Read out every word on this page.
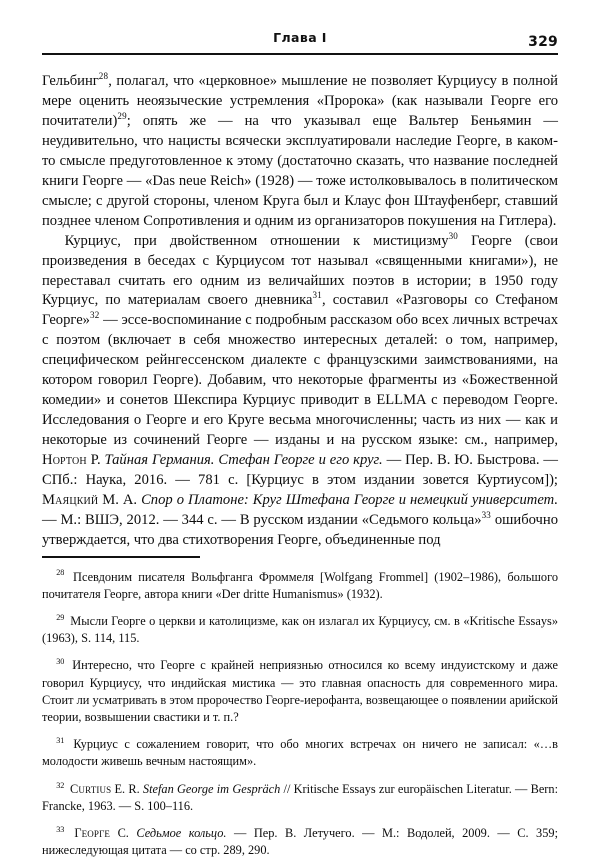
Глава I	329

Гельбинг$^{28}$, полагал, что «церковное» мышление не позволяет Курциусу в полной мере оценить неоязыческие устремления «Пророка» (как называли Георге его почитатели)$^{29}$; опять же — на что указывал еще Вальтер Беньямин — неудивительно, что нацисты всячески эксплуатировали наследие Георге, в каком-то смысле предуготовленное к этому (достаточно сказать, что название последней книги Георге — «Das neue Reich» (1928) — тоже истолковывалось в политическом смысле; с другой стороны, членом Круга был и Клаус фон Штауфенберг, ставший позднее членом Сопротивления и одним из организаторов покушения на Гитлера).

Курциус, при двойственном отношении к мистицизму$^{30}$ Георге (свои произведения в беседах с Курциусом тот называл «священными книгами»), не переставал считать его одним из величайших поэтов в истории; в 1950 году Курциус, по материалам своего дневника$^{31}$, составил «Разговоры со Стефаном Георге»$^{32}$ — эссе-воспоминание с подробным рассказом обо всех личных встречах с поэтом (включает в себя множество интересных деталей: о том, например, специфическом рейнгессенском диалекте с французскими заимствованиями, на котором говорил Георге). Добавим, что некоторые фрагменты из «Божественной комедии» и сонетов Шекспира Курциус приводит в ELLMA с переводом Георге. Исследования о Георге и его Круге весьма многочисленны; часть из них — как и некоторые из сочинений Георге — изданы и на русском языке: см., например, Нортон Р. Тайная Германия. Стефан Георге и его круг. — Пер. В. Ю. Быстрова. — СПб.: Наука, 2016. — 781 с. [Курциус в этом издании зовется Куртиусом]); Маяцкий М. А. Спор о Платоне: Круг Штефана Георге и немецкий университет. — М.: ВШЭ, 2012. — 344 с. — В русском издании «Седьмого кольца»$^{33}$ ошибочно утверждается, что два стихотворения Георге, объединенные под

$^{28}$ Псевдоним писателя Вольфганга Фроммеля [Wolfgang Frommel] (1902–1986), большого почитателя Георге, автора книги «Der dritte Humanismus» (1932).

$^{29}$ Мысли Георге о церкви и католицизме, как он излагал их Курциусу, см. в «Kritische Essays» (1963), S. 114, 115.

$^{30}$ Интересно, что Георге с крайней неприязнью относился ко всему индуистскому и даже говорил Курциусу, что индийская мистика — это главная опасность для современного мира. Стоит ли усматривать в этом пророчество Георге-иерофанта, возвещающее о появлении арийской теории, возвышении свастики и т. п.?

$^{31}$ Курциус с сожалением говорит, что обо многих встречах он ничего не записал: «…в молодости живешь вечным настоящим».

$^{32}$ Curtius E. R. Stefan George im Gespräch // Kritische Essays zur europäischen Literatur. — Bern: Francke, 1963. — S. 100–116.

$^{33}$ Георге С. Седьмое кольцо. — Пер. В. Летучего. — М.: Водолей, 2009. — С. 359; нижеследующая цитата — со стр. 289, 290.
